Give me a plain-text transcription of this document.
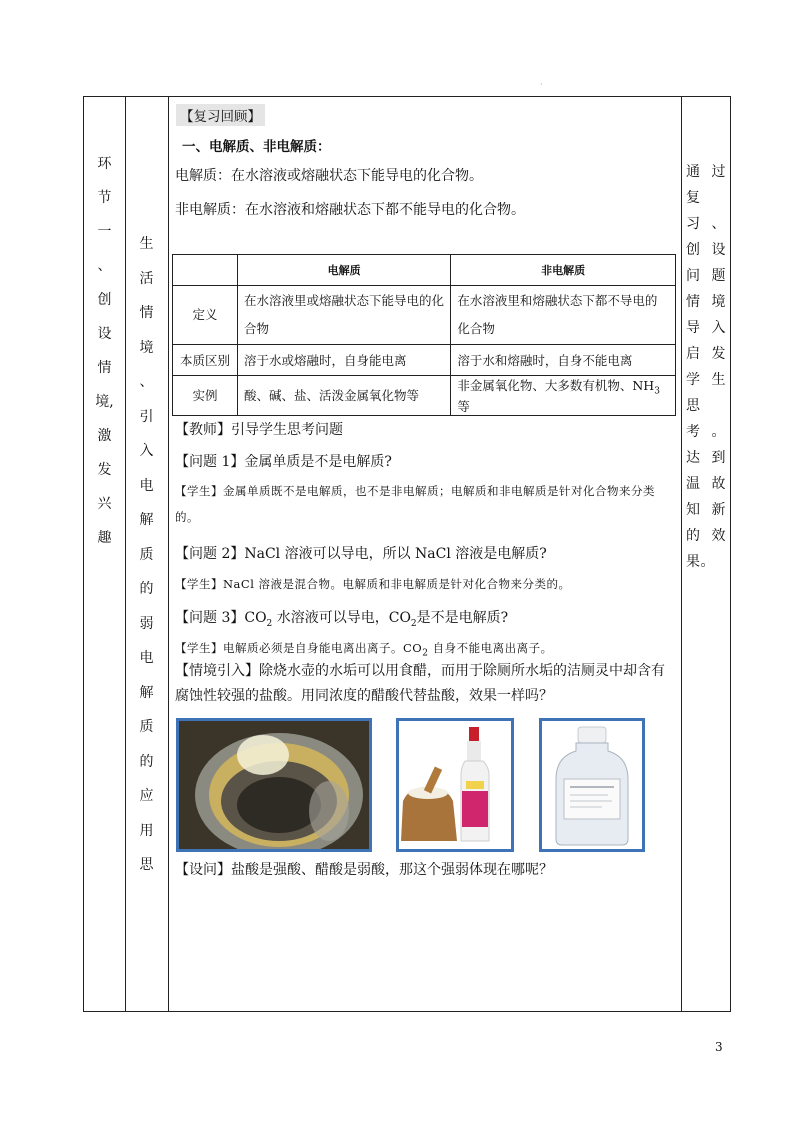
·
环
节
一
、
创
设
情
境,
激
发
兴
趣
生
活
情
境
、
引
入
电
解
质
的
弱
电
解
质
的
应
用
思
通过复习、创设问题情境导入启发学生思考。达到温故知新的效果。
【复习回顾】
一、电解质、非电解质：
电解质：在水溶液或熔融状态下能导电的化合物。
非电解质：在水溶液和熔融状态下都不能导电的化合物。
	电解质	非电解质
定义	在水溶液里或熔融状态下能导电的化合物	在水溶液里和熔融状态下都不导电的化合物
本质区别	溶于水或熔融时，自身能电离	溶于水和熔融时，自身不能电离
实例	酸、碱、盐、活泼金属氧化物等	非金属氧化物、大多数有机物、$NH_3$等
【教师】引导学生思考问题
【问题 1】金属单质是不是电解质?
【学生】金属单质既不是电解质，也不是非电解质；电解质和非电解质是针对化合物来分类的。
【问题 2】NaCl 溶液可以导电，所以 NaCl 溶液是电解质?
【学生】NaCl 溶液是混合物。电解质和非电解质是针对化合物来分类的。
【问题 3】$CO_2$ 水溶液可以导电，$CO_2$是不是电解质?
【学生】电解质必须是自身能电离出离子。$CO_2$ 自身不能电离出离子。
【情境引入】除烧水壶的水垢可以用食醋，而用于除厕所水垢的洁厕灵中却含有腐蚀性较强的盐酸。用同浓度的醋酸代替盐酸，效果一样吗？
【设问】盐酸是强酸、醋酸是弱酸，那这个强弱体现在哪呢？
3
